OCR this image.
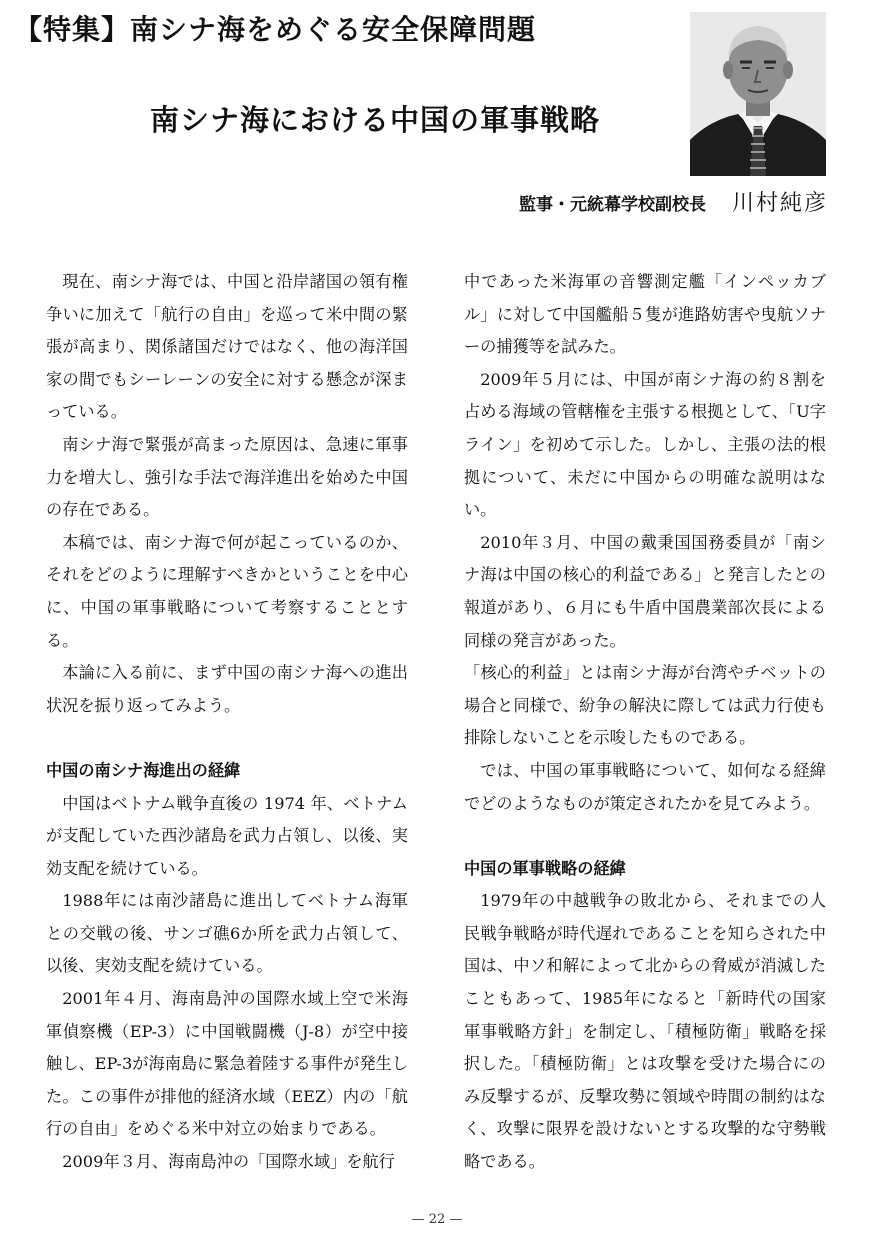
【特集】南シナ海をめぐる安全保障問題
南シナ海における中国の軍事戦略
監事・元統幕学校副校長 川村純彦

現在、南シナ海では、中国と沿岸諸国の領有権争いに加えて「航行の自由」を巡って米中間の緊張が高まり、関係諸国だけではなく、他の海洋国家の間でもシーレーンの安全に対する懸念が深まっている。

南シナ海で緊張が高まった原因は、急速に軍事力を増大し、強引な手法で海洋進出を始めた中国の存在である。

本稿では、南シナ海で何が起こっているのか、それをどのように理解すべきかということを中心に、中国の軍事戦略について考察することとする。

本論に入る前に、まず中国の南シナ海への進出状況を振り返ってみよう。

中国の南シナ海進出の経緯

中国はベトナム戦争直後の 1974 年、ベトナムが支配していた西沙諸島を武力占領し、以後、実効支配を続けている。

1988年には南沙諸島に進出してベトナム海軍との交戦の後、サンゴ礁6か所を武力占領して、以後、実効支配を続けている。

2001年４月、海南島沖の国際水域上空で米海軍偵察機（EP-3）に中国戦闘機（J-8）が空中接触し、EP-3が海南島に緊急着陸する事件が発生した。この事件が排他的経済水域（EEZ）内の「航行の自由」をめぐる米中対立の始まりである。

2009年３月、海南島沖の「国際水域」を航行

中であった米海軍の音響測定艦「インペッカブル」に対して中国艦船５隻が進路妨害や曳航ソナーの捕獲等を試みた。

2009年５月には、中国が南シナ海の約８割を占める海域の管轄権を主張する根拠として、「U字ライン」を初めて示した。しかし、主張の法的根拠について、未だに中国からの明確な説明はない。

2010年３月、中国の戴秉国国務委員が「南シナ海は中国の核心的利益である」と発言したとの報道があり、６月にも牛盾中国農業部次長による同様の発言があった。

「核心的利益」とは南シナ海が台湾やチベットの場合と同様で、紛争の解決に際しては武力行使も排除しないことを示唆したものである。

では、中国の軍事戦略について、如何なる経緯でどのようなものが策定されたかを見てみよう。

中国の軍事戦略の経緯

1979年の中越戦争の敗北から、それまでの人民戦争戦略が時代遅れであることを知らされた中国は、中ソ和解によって北からの脅威が消滅したこともあって、1985年になると「新時代の国家軍事戦略方針」を制定し、「積極防衛」戦略を採択した。「積極防衛」とは攻撃を受けた場合にのみ反撃するが、反撃攻勢に領域や時間の制約はなく、攻撃に限界を設けないとする攻撃的な守勢戦略である。

— 22 —
